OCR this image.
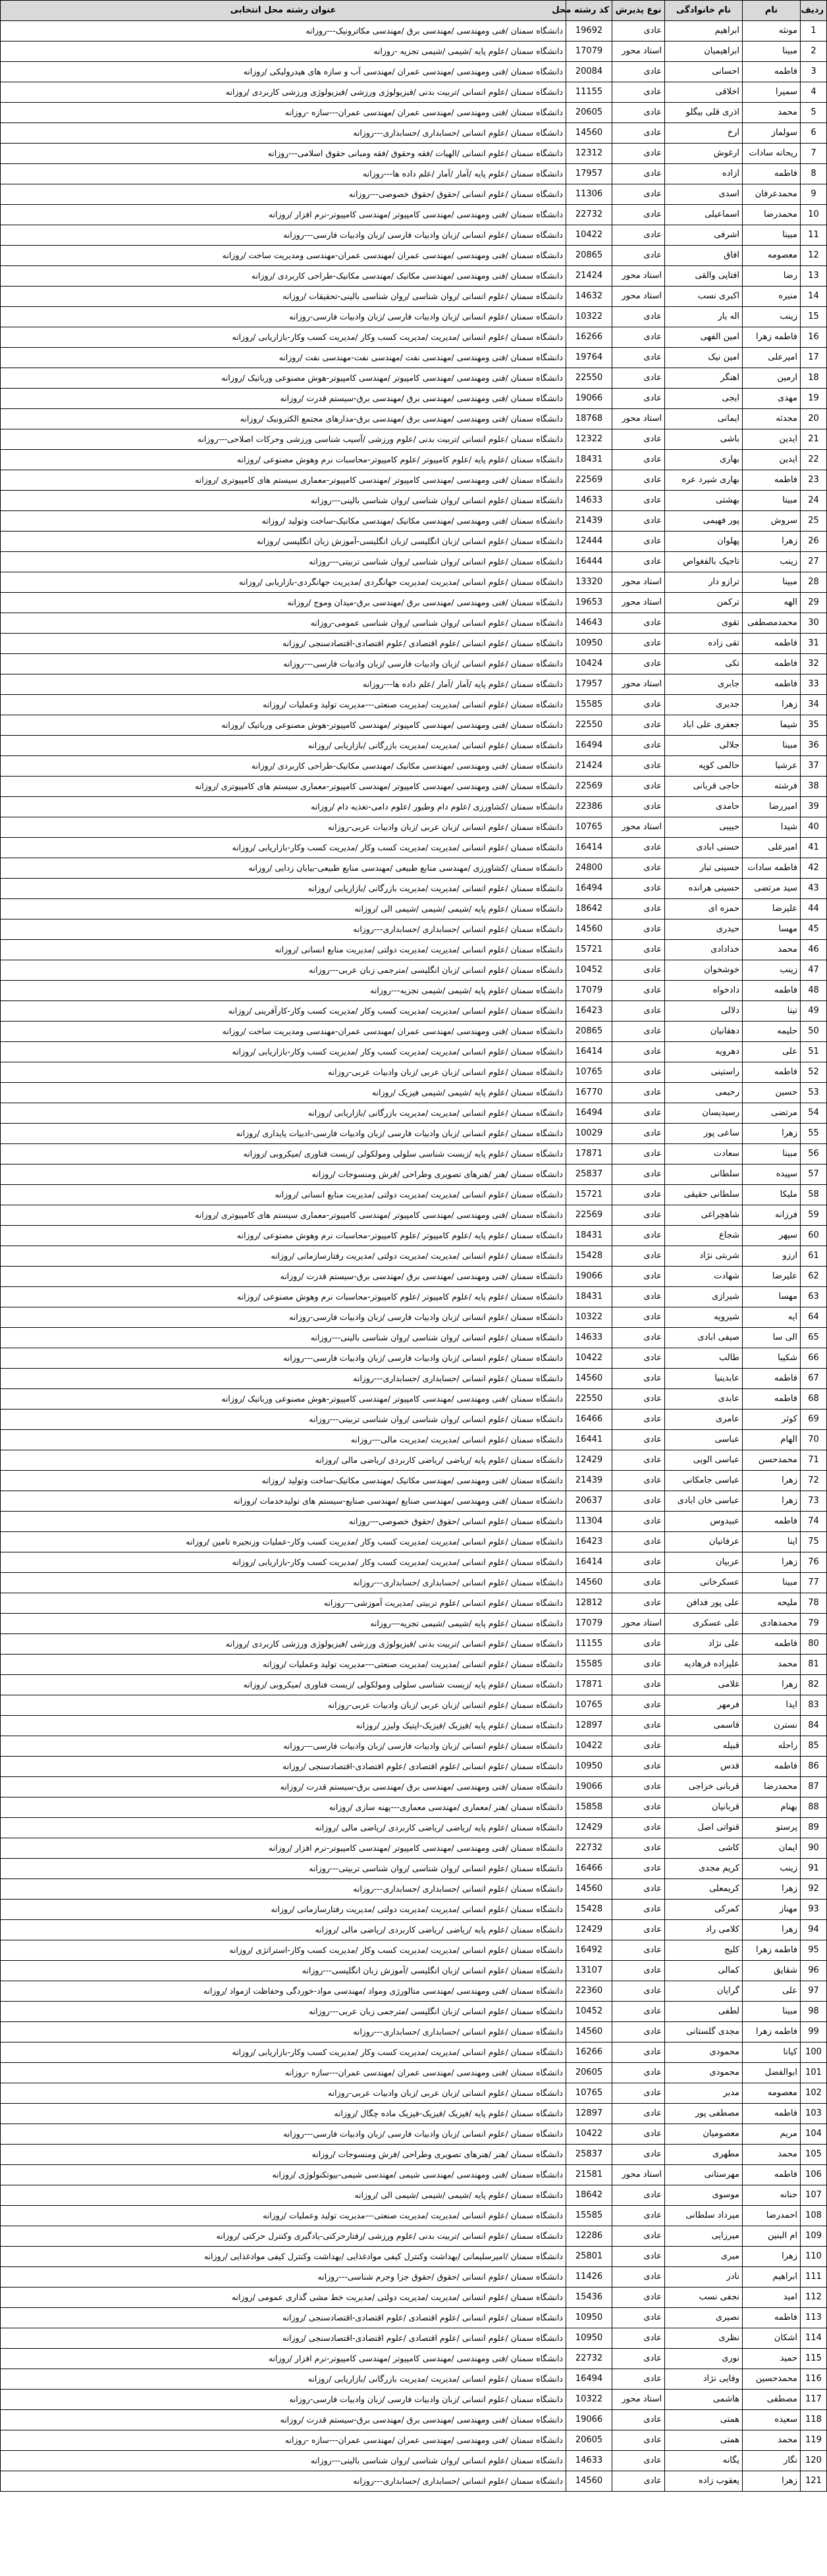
ردیف	نام	نام خانوادگی	نوع پذیرش	کد رشته محل	عنوان رشته محل انتخابی
1	مونثه	ابراهیم	عادی	19692	دانشگاه سمنان /فنی ومهندسی /مهندسی برق /مهندسی مکاترونیک---روزانه
2	مبینا	ابراهیمیان	استاد محور	17079	دانشگاه سمنان /علوم پایه /شیمی /شیمی تجزیه -روزانه
3	فاطمه	احسانی	عادی	20084	دانشگاه سمنان /فنی ومهندسی /مهندسی عمران /مهندسی آب و سازه های هیدرولیکی /روزانه
4	سمیرا	اخلاقی	عادی	11155	دانشگاه سمنان /علوم انسانی /تربیت بدنی /فیزیولوژی ورزشی /فیزیولوژی ورزشی کاربردی /روزانه
5	محمد	اذری قلی بیگلو	عادی	20605	دانشگاه سمنان /فنی ومهندسی /مهندسی عمران /مهندسی عمران---سازه -روزانه
6	سولماز	ارخ	عادی	14560	دانشگاه سمنان /علوم انسانی /حسابداری /حسابداری---روزانه
7	ریحانه سادات	ارغوش	عادی	12312	دانشگاه سمنان /علوم انسانی /الهیات /فقه وحقوق /فقه ومبانی حقوق اسلامی---روزانه
8	فاطمه	ازاده	عادی	17957	دانشگاه سمنان /علوم پایه /آمار /آمار /علم داده ها---روزانه
9	محمدعرفان	اسدی	عادی	11306	دانشگاه سمنان /علوم انسانی /حقوق /حقوق خصوصی---روزانه
10	محمدرضا	اسماعیلی	عادی	22732	دانشگاه سمنان /فنی ومهندسی /مهندسی کامپیوتر /مهندسی کامپیوتر-نرم افزار /روزانه
11	مبینا	اشرفی	عادی	10422	دانشگاه سمنان /علوم انسانی /زبان وادبیات فارسی /زبان وادبیات فارسی---روزانه
12	معصومه	افاق	عادی	20865	دانشگاه سمنان /فنی ومهندسی /مهندسی عمران /مهندسی عمران-مهندسی ومدیریت ساخت /روزانه
13	رضا	افتاپی والقی	استاد محور	21424	دانشگاه سمنان /فنی ومهندسی /مهندسی مکانیک /مهندسی مکانیک-طراحی کاربردی /روزانه
14	منیره	اکبری نسب	استاد محور	14632	دانشگاه سمنان /علوم انسانی /روان شناسی /روان شناسی بالینی-تحقیقات /روزانه
15	زینب	اله یار	عادی	10322	دانشگاه سمنان /علوم انسانی /زبان وادبیات فارسی /زبان وادبیات فارسی-روزانه
16	فاطمه زهرا	امین الفهی	عادی	16266	دانشگاه سمنان /علوم انسانی /مدیریت /مدیریت کسب وکار /مدیریت کسب وکار-بازاریابی /روزانه
17	امیرعلی	امین نیک	عادی	19764	دانشگاه سمنان /فنی ومهندسی /مهندسی نفت /مهندسی نفت-مهندسی نفت /روزانه
18	ارمین	اهنگر	عادی	22550	دانشگاه سمنان /فنی ومهندسی /مهندسی کامپیوتر /مهندسی کامپیوتر-هوش مصنوعی ورباتیک /روزانه
19	مهدی	ایجی	عادی	19066	دانشگاه سمنان /فنی ومهندسی /مهندسی برق /مهندسی برق-سیستم قدرت /روزانه
20	محدثه	ایمانی	استاد محور	18768	دانشگاه سمنان /فنی ومهندسی /مهندسی برق /مهندسی برق-مدارهای مجتمع الکترونیک /روزانه
21	ایدین	باشی	عادی	12322	دانشگاه سمنان /علوم انسانی /تربیت بدنی /علوم ورزشی /آسیب شناسی ورزشی وحرکات اصلاحی---روزانه
22	ایدین	بهاری	عادی	18431	دانشگاه سمنان /علوم پایه /علوم کامپیوتر /علوم کامپیوتر-محاسبات نرم وهوش مصنوعی /روزانه
23	فاطمه	بهاری شیرد عره	عادی	22569	دانشگاه سمنان /فنی ومهندسی /مهندسی کامپیوتر /مهندسی کامپیوتر-معماری سیستم های کامپیوتری /روزانه
24	مبینا	بهشتی	عادی	14633	دانشگاه سمنان /علوم انسانی /روان شناسی /روان شناسی بالینی---روزانه
25	سروش	پور فهیمی	عادی	21439	دانشگاه سمنان /فنی ومهندسی /مهندسی مکانیک /مهندسی مکانیک-ساخت وتولید /روزانه
26	زهرا	پهلوان	عادی	12444	دانشگاه سمنان /علوم انسانی /زبان انگلیسی /زبان انگلیسی-آموزش زبان انگلیسی /روزانه
27	زینب	تاجیک بالفغواص	عادی	16444	دانشگاه سمنان /علوم انسانی /روان شناسی /روان شناسی تربیتی---روزانه
28	مبینا	ترازو دار	استاد محور	13320	دانشگاه سمنان /علوم انسانی /مدیریت /مدیریت جهانگردی /مدیریت جهانگردی-بازاریابی /روزانه
29	الهه	ترکمن	استاد محور	19653	دانشگاه سمنان /فنی ومهندسی /مهندسی برق /مهندسی برق-میدان وموج /روزانه
30	محمدمصطفی	تقوی	عادی	14643	دانشگاه سمنان /علوم انسانی /روان شناسی /روان شناسی عمومی-روزانه
31	فاطمه	تقی زاده	عادی	10950	دانشگاه سمنان /علوم انسانی /علوم اقتصادی /علوم اقتصادی-اقتصادسنجی /روزانه
32	فاطمه	تکی	عادی	10424	دانشگاه سمنان /علوم انسانی /زبان وادبیات فارسی /زبان وادبیات فارسی---روزانه
33	فاطمه	جابری	استاد محور	17957	دانشگاه سمنان /علوم پایه /آمار /آمار /علم داده ها---روزانه
34	زهرا	جدیری	عادی	15585	دانشگاه سمنان /علوم انسانی /مدیریت /مدیریت صنعتی---مدیریت تولید وعملیات /روزانه
35	شیما	جعفری علی اباد	عادی	22550	دانشگاه سمنان /فنی ومهندسی /مهندسی کامپیوتر /مهندسی کامپیوتر-هوش مصنوعی ورباتیک /روزانه
36	مبینا	جلالی	عادی	16494	دانشگاه سمنان /علوم انسانی /مدیریت /مدیریت بازرگانی /بازاریابی /روزانه
37	عرشیا	حالمی کوپه	عادی	21424	دانشگاه سمنان /فنی ومهندسی /مهندسی مکانیک /مهندسی مکانیک-طراحی کاربردی /روزانه
38	فرشته	حاجی قربانی	عادی	22569	دانشگاه سمنان /فنی ومهندسی /مهندسی کامپیوتر /مهندسی کامپیوتر-معماری سیستم های کامپیوتری /روزانه
39	امیررضا	حامدی	عادی	22386	دانشگاه سمنان /کشاورزی /علوم دام وطیور /علوم دامی-تغذیه دام /روزانه
40	شیدا	حبیبی	استاد محور	10765	دانشگاه سمنان /علوم انسانی /زبان عربی /زبان وادبیات عربی-روزانه
41	امیرعلی	حسنی ابادی	عادی	16414	دانشگاه سمنان /علوم انسانی /مدیریت /مدیریت کسب وکار /مدیریت کسب وکار-بازاریابی /روزانه
42	فاطمه سادات	حسینی تبار	عادی	24800	دانشگاه سمنان /کشاورزی /مهندسی منابع طبیعی /مهندسی منابع طبیعی-بیابان زدایی /روزانه
43	سید مرتضی	حسینی هرانده	عادی	16494	دانشگاه سمنان /علوم انسانی /مدیریت /مدیریت بازرگانی /بازاریابی /روزانه
44	علیرضا	حمزه ای	عادی	18642	دانشگاه سمنان /علوم پایه /شیمی /شیمی /شیمی الی /روزانه
45	مهسا	حیدری	عادی	14560	دانشگاه سمنان /علوم انسانی /حسابداری /حسابداری---روزانه
46	محمد	خدادادی	عادی	15721	دانشگاه سمنان /علوم انسانی /مدیریت /مدیریت دولتی /مدیریت منابع انسانی /روزانه
47	زینب	خوشخوان	عادی	10452	دانشگاه سمنان /علوم انسانی /زبان انگلیسی /مترجمی زبان عربی---روزانه
48	فاطمه	دادخواه	عادی	17079	دانشگاه سمنان /علوم پایه /شیمی /شیمی تجزیه---روزانه
49	تینا	دلالی	عادی	16423	دانشگاه سمنان /علوم انسانی /مدیریت /مدیریت کسب وکار /مدیریت کسب وکار-کارآفرینی /روزانه
50	حلیمه	دهقانیان	عادی	20865	دانشگاه سمنان /فنی ومهندسی /مهندسی عمران /مهندسی عمران-مهندسی ومدیریت ساخت /روزانه
51	علی	دهرویه	عادی	16414	دانشگاه سمنان /علوم انسانی /مدیریت /مدیریت کسب وکار /مدیریت کسب وکار-بازاریابی /روزانه
52	فاطمه	راستینی	عادی	10765	دانشگاه سمنان /علوم انسانی /زبان عربی /زبان وادبیات عربی-روزانه
53	حسین	رحیمی	عادی	16770	دانشگاه سمنان /علوم پایه /شیمی /شیمی فیزیک /روزانه
54	مرتضی	رسیدیسان	عادی	16494	دانشگاه سمنان /علوم انسانی /مدیریت /مدیریت بازرگانی /بازاریابی /روزانه
55	زهرا	ساعی پور	عادی	10029	دانشگاه سمنان /علوم انسانی /زبان وادبیات فارسی /زبان وادبیات فارسی-ادبیات پایداری /روزانه
56	مبینا	سعادت	عادی	17871	دانشگاه سمنان /علوم پایه /زیست شناسی سلولی ومولکولی /زیست فناوری /میکروبی /روزانه
57	سپیده	سلطانی	عادی	25837	دانشگاه سمنان /هنر /هنرهای تصویری وطراحی /فرش ومنسوجات /روزانه
58	ملیکا	سلطانی حقیقی	عادی	15721	دانشگاه سمنان /علوم انسانی /مدیریت /مدیریت دولتی /مدیریت منابع انسانی /روزانه
59	فرزانه	شاهچراغی	عادی	22569	دانشگاه سمنان /فنی ومهندسی /مهندسی کامپیوتر /مهندسی کامپیوتر-معماری سیستم های کامپیوتری /روزانه
60	سپهر	شجاع	عادی	18431	دانشگاه سمنان /علوم پایه /علوم کامپیوتر /علوم کامپیوتر-محاسبات نرم وهوش مصنوعی /روزانه
61	ارزو	شربتی نژاد	عادی	15428	دانشگاه سمنان /علوم انسانی /مدیریت /مدیریت دولتی /مدیریت رفتارسازمانی /روزانه
62	علیرضا	شهادت	عادی	19066	دانشگاه سمنان /فنی ومهندسی /مهندسی برق /مهندسی برق-سیستم قدرت /روزانه
63	مهسا	شیرازی	عادی	18431	دانشگاه سمنان /علوم پایه /علوم کامپیوتر /علوم کامپیوتر-محاسبات نرم وهوش مصنوعی /روزانه
64	ایه	شیرویه	عادی	10322	دانشگاه سمنان /علوم انسانی /زبان وادبیات فارسی /زبان وادبیات فارسی-روزانه
65	الی سا	صیفی ابادی	عادی	14633	دانشگاه سمنان /علوم انسانی /روان شناسی /روان شناسی بالینی---روزانه
66	شکیبا	طالب	عادی	10422	دانشگاه سمنان /علوم انسانی /زبان وادبیات فارسی /زبان وادبیات فارسی---روزانه
67	فاطمه	عابدینیا	عادی	14560	دانشگاه سمنان /علوم انسانی /حسابداری /حسابداری---روزانه
68	فاطمه	عابدی	عادی	22550	دانشگاه سمنان /فنی ومهندسی /مهندسی کامپیوتر /مهندسی کامپیوتر-هوش مصنوعی ورباتیک /روزانه
69	کوثر	عامری	عادی	16466	دانشگاه سمنان /علوم انسانی /روان شناسی /روان شناسی تربیتی---روزانه
70	الهام	عباسی	عادی	16441	دانشگاه سمنان /علوم انسانی /مدیریت /مدیریت مالی---روزانه
71	محمدحسن	عباسی الوبی	عادی	12429	دانشگاه سمنان /علوم پایه /ریاضی /ریاضی کاربردی /ریاضی مالی /روزانه
72	زهرا	عباسی جامکانی	عادی	21439	دانشگاه سمنان /فنی ومهندسی /مهندسی مکانیک /مهندسی مکانیک-ساخت وتولید /روزانه
73	زهرا	عباسی خان ابادی	عادی	20637	دانشگاه سمنان /فنی ومهندسی /مهندسی صنایع /مهندسی صنایع-سیستم های تولیدخدمات /روزانه
74	فاطمه	عبیدوس	عادی	11304	دانشگاه سمنان /علوم انسانی /حقوق /حقوق خصوصی---روزانه
75	اینا	عرفانیان	عادی	16423	دانشگاه سمنان /علوم انسانی /مدیریت /مدیریت کسب وکار /مدیریت کسب وکار-عملیات وزنجیره تامین /روزانه
76	زهرا	عربیان	عادی	16414	دانشگاه سمنان /علوم انسانی /مدیریت /مدیریت کسب وکار /مدیریت کسب وکار-بازاریابی /روزانه
77	مبینا	عسکرخانی	عادی	14560	دانشگاه سمنان /علوم انسانی /حسابداری /حسابداری---روزانه
78	ملیحه	علی پور فدافن	عادی	12812	دانشگاه سمنان /علوم انسانی /علوم تربیتی /مدیریت آموزشی---روزانه
79	محمدهادی	علی عسکری	استاد محور	17079	دانشگاه سمنان /علوم پایه /شیمی /شیمی تجزیه---روزانه
80	فاطمه	علی نژاد	عادی	11155	دانشگاه سمنان /علوم انسانی /تربیت بدنی /فیزیولوژی ورزشی /فیزیولوژی ورزشی کاربردی /روزانه
81	محمد	علیزاده فرهادیه	عادی	15585	دانشگاه سمنان /علوم انسانی /مدیریت /مدیریت صنعتی---مدیریت تولید وعملیات /روزانه
82	زهرا	غلامی	عادی	17871	دانشگاه سمنان /علوم پایه /زیست شناسی سلولی ومولکولی /زیست فناوری /میکروبی /روزانه
83	ایدا	فرمهر	عادی	10765	دانشگاه سمنان /علوم انسانی /زبان عربی /زبان وادبیات عربی-روزانه
84	نسترن	قاسمی	عادی	12897	دانشگاه سمنان /علوم پایه /فیزیک /فیزیک-اپتیک ولیزر /روزانه
85	راحله	قبیله	عادی	10422	دانشگاه سمنان /علوم انسانی /زبان وادبیات فارسی /زبان وادبیات فارسی---روزانه
86	فاطمه	قدس	عادی	10950	دانشگاه سمنان /علوم انسانی /علوم اقتصادی /علوم اقتصادی-اقتصادسنجی /روزانه
87	محمدرضا	قربانی خراجی	عادی	19066	دانشگاه سمنان /فنی ومهندسی /مهندسی برق /مهندسی برق-سیستم قدرت /روزانه
88	بهنام	قربانیان	عادی	15858	دانشگاه سمنان /هنر /معماری /مهندسی معماری---پهنه سازی /روزانه
89	پرستو	قنواتی اصل	عادی	12429	دانشگاه سمنان /علوم پایه /ریاضی /ریاضی کاربردی /ریاضی مالی /روزانه
90	ایمان	کاشی	عادی	22732	دانشگاه سمنان /فنی ومهندسی /مهندسی کامپیوتر /مهندسی کامپیوتر-نرم افزار /روزانه
91	زینب	کریم مجدی	عادی	16466	دانشگاه سمنان /علوم انسانی /روان شناسی /روان شناسی تربیتی---روزانه
92	زهرا	کریمعلی	عادی	14560	دانشگاه سمنان /علوم انسانی /حسابداری /حسابداری---روزانه
93	مهناز	کمرکی	عادی	15428	دانشگاه سمنان /علوم انسانی /مدیریت /مدیریت دولتی /مدیریت رفتارسازمانی /روزانه
94	زهرا	کلامی راد	عادی	12429	دانشگاه سمنان /علوم پایه /ریاضی /ریاضی کاربردی /ریاضی مالی /روزانه
95	فاطمه زهرا	کلیج	عادی	16492	دانشگاه سمنان /علوم انسانی /مدیریت /مدیریت کسب وکار /مدیریت کسب وکار-استراتژی /روزانه
96	شقایق	کمالی	عادی	13107	دانشگاه سمنان /علوم انسانی /زبان انگلیسی /آموزش زبان انگلیسی---روزانه
97	علی	گرایان	عادی	22360	دانشگاه سمنان /فنی ومهندسی /مهندسی متالورژی ومواد /مهندسی مواد-خوردگی وحفاظت ازمواد /روزانه
98	مبینا	لطفی	عادی	10452	دانشگاه سمنان /علوم انسانی /زبان انگلیسی /مترجمی زبان عربی---روزانه
99	فاطمه زهرا	مجدی گلستانی	عادی	14560	دانشگاه سمنان /علوم انسانی /حسابداری /حسابداری---روزانه
100	کیانا	محمودی	عادی	16266	دانشگاه سمنان /علوم انسانی /مدیریت /مدیریت کسب وکار /مدیریت کسب وکار-بازاریابی /روزانه
101	ابوالفضل	محمودی	عادی	20605	دانشگاه سمنان /فنی ومهندسی /مهندسی عمران /مهندسی عمران---سازه -روزانه
102	معصومه	مدبر	عادی	10765	دانشگاه سمنان /علوم انسانی /زبان عربی /زبان وادبیات عربی-روزانه
103	فاطمه	مصطفی پور	عادی	12897	دانشگاه سمنان /علوم پایه /فیزیک /فیزیک-فیزیک ماده چگال /روزانه
104	مریم	معصومیان	عادی	10422	دانشگاه سمنان /علوم انسانی /زبان وادبیات فارسی /زبان وادبیات فارسی---روزانه
105	محمد	مطهری	عادی	25837	دانشگاه سمنان /هنر /هنرهای تصویری وطراحی /فرش ومنسوجات /روزانه
106	فاطمه	مهرستانی	استاد محور	21581	دانشگاه سمنان /فنی ومهندسی /مهندسی شیمی /مهندسی شیمی-بیوتکنولوژی /روزانه
107	حنانه	موسوی	عادی	18642	دانشگاه سمنان /علوم پایه /شیمی /شیمی /شیمی الی /روزانه
108	احمدرضا	میرداد سلطانی	عادی	15585	دانشگاه سمنان /علوم انسانی /مدیریت /مدیریت صنعتی---مدیریت تولید وعملیات /روزانه
109	ام البنین	میرزایی	عادی	12286	دانشگاه سمنان /علوم انسانی /تربیت بدنی /علوم ورزشی /رفتارحرکتی-یادگیری وکنترل حرکتی /روزانه
110	زهرا	میری	عادی	25801	دانشگاه سمنان /امیرسلیمانی /بهداشت وکنترل کیفی موادغذایی /بهداشت وکنترل کیفی موادغذایی /روزانه
111	ابراهیم	نادر	عادی	11426	دانشگاه سمنان /علوم انسانی /حقوق /حقوق جزا وجرم شناسی---روزانه
112	امید	نجفی نسب	عادی	15436	دانشگاه سمنان /علوم انسانی /مدیریت /مدیریت دولتی /مدیریت خط مشی گذاری عمومی /روزانه
113	فاطمه	نصیری	عادی	10950	دانشگاه سمنان /علوم انسانی /علوم اقتصادی /علوم اقتصادی-اقتصادسنجی /روزانه
114	اشکان	نظری	عادی	10950	دانشگاه سمنان /علوم انسانی /علوم اقتصادی /علوم اقتصادی-اقتصادسنجی /روزانه
115	حمید	نوری	عادی	22732	دانشگاه سمنان /فنی ومهندسی /مهندسی کامپیوتر /مهندسی کامپیوتر-نرم افزار /روزانه
116	محمدحسین	وفایی نژاد	عادی	16494	دانشگاه سمنان /علوم انسانی /مدیریت /مدیریت بازرگانی /بازاریابی /روزانه
117	مصطفی	هاشمی	استاد محور	10322	دانشگاه سمنان /علوم انسانی /زبان وادبیات فارسی /زبان وادبیات فارسی-روزانه
118	سعیده	همتی	عادی	19066	دانشگاه سمنان /فنی ومهندسی /مهندسی برق /مهندسی برق-سیستم قدرت /روزانه
119	محمد	همتی	عادی	20605	دانشگاه سمنان /فنی ومهندسی /مهندسی عمران /مهندسی عمران---سازه -روزانه
120	نگار	یگانه	عادی	14633	دانشگاه سمنان /علوم انسانی /روان شناسی /روان شناسی بالینی---روزانه
121	زهرا	یعقوب زاده	عادی	14560	دانشگاه سمنان /علوم انسانی /حسابداری /حسابداری---روزانه
